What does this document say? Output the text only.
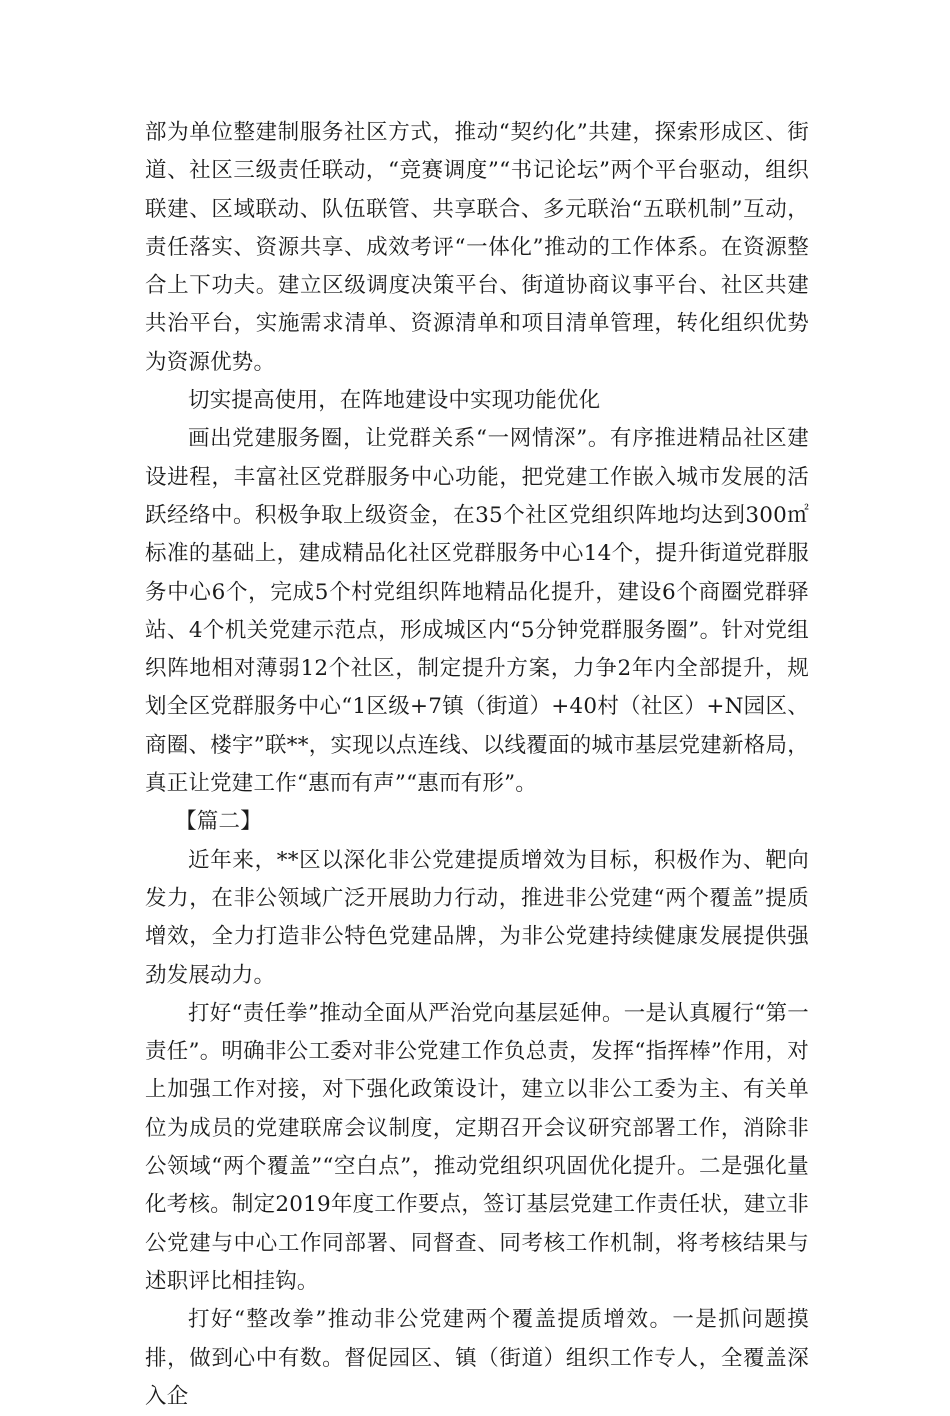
部为单位整建制服务社区方式，推动“契约化”共建，探索形成区、街道、社区三级责任联动，“竞赛调度”“书记论坛”两个平台驱动，组织联建、区域联动、队伍联管、共享联合、多元联治“五联机制”互动，责任落实、资源共享、成效考评“一体化”推动的工作体系。在资源整合上下功夫。建立区级调度决策平台、街道协商议事平台、社区共建共治平台，实施需求清单、资源清单和项目清单管理，转化组织优势为资源优势。

切实提高使用，在阵地建设中实现功能优化

画出党建服务圈，让党群关系“一网情深”。有序推进精品社区建设进程，丰富社区党群服务中心功能，把党建工作嵌入城市发展的活跃经络中。积极争取上级资金，在35个社区党组织阵地均达到300㎡标准的基础上，建成精品化社区党群服务中心14个，提升街道党群服务中心6个，完成5个村党组织阵地精品化提升，建设6个商圈党群驿站、4个机关党建示范点，形成城区内“5分钟党群服务圈”。针对党组织阵地相对薄弱12个社区，制定提升方案，力争2年内全部提升，规划全区党群服务中心“1区级+7镇（街道）+40村（社区）+N园区、商圈、楼宇”联**，实现以点连线、以线覆面的城市基层党建新格局，真正让党建工作“惠而有声”“惠而有形”。

【篇二】

近年来，**区以深化非公党建提质增效为目标，积极作为、靶向发力，在非公领域广泛开展助力行动，推进非公党建“两个覆盖”提质增效，全力打造非公特色党建品牌，为非公党建持续健康发展提供强劲发展动力。

打好“责任拳”推动全面从严治党向基层延伸。一是认真履行“第一责任”。明确非公工委对非公党建工作负总责，发挥“指挥棒”作用，对上加强工作对接，对下强化政策设计，建立以非公工委为主、有关单位为成员的党建联席会议制度，定期召开会议研究部署工作，消除非公领域“两个覆盖”“空白点”，推动党组织巩固优化提升。二是强化量化考核。制定2019年度工作要点，签订基层党建工作责任状，建立非公党建与中心工作同部署、同督查、同考核工作机制，将考核结果与述职评比相挂钩。

打好“整改拳”推动非公党建两个覆盖提质增效。一是抓问题摸排，做到心中有数。督促园区、镇（街道）组织工作专人，全覆盖深入企
